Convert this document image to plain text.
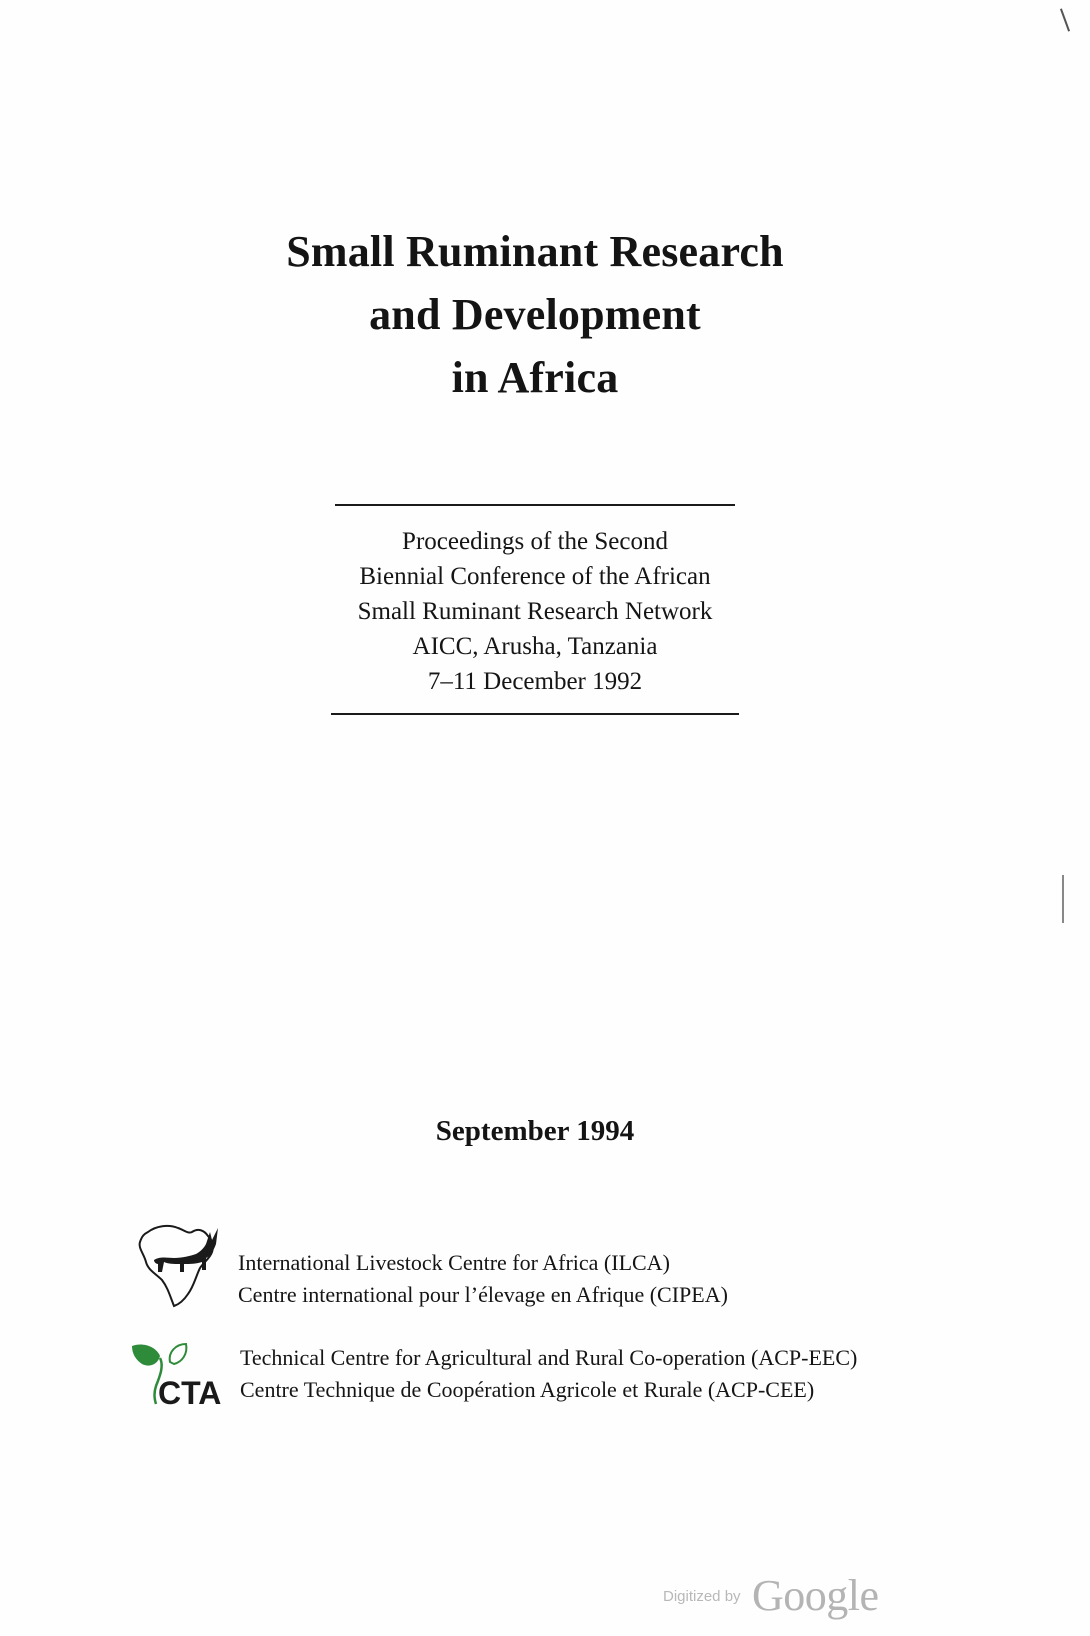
Small Ruminant Research
and Development
in Africa
Proceedings of the Second
Biennial Conference of the African
Small Ruminant Research Network
AICC, Arusha, Tanzania
7–11 December 1992
September 1994
International Livestock Centre for Africa (ILCA)
Centre international pour l’élevage en Afrique (CIPEA)
CTA
Technical Centre for Agricultural and Rural Co-operation (ACP-EEC)
Centre Technique de Coopération Agricole et Rurale (ACP-CEE)
Digitized by Google
